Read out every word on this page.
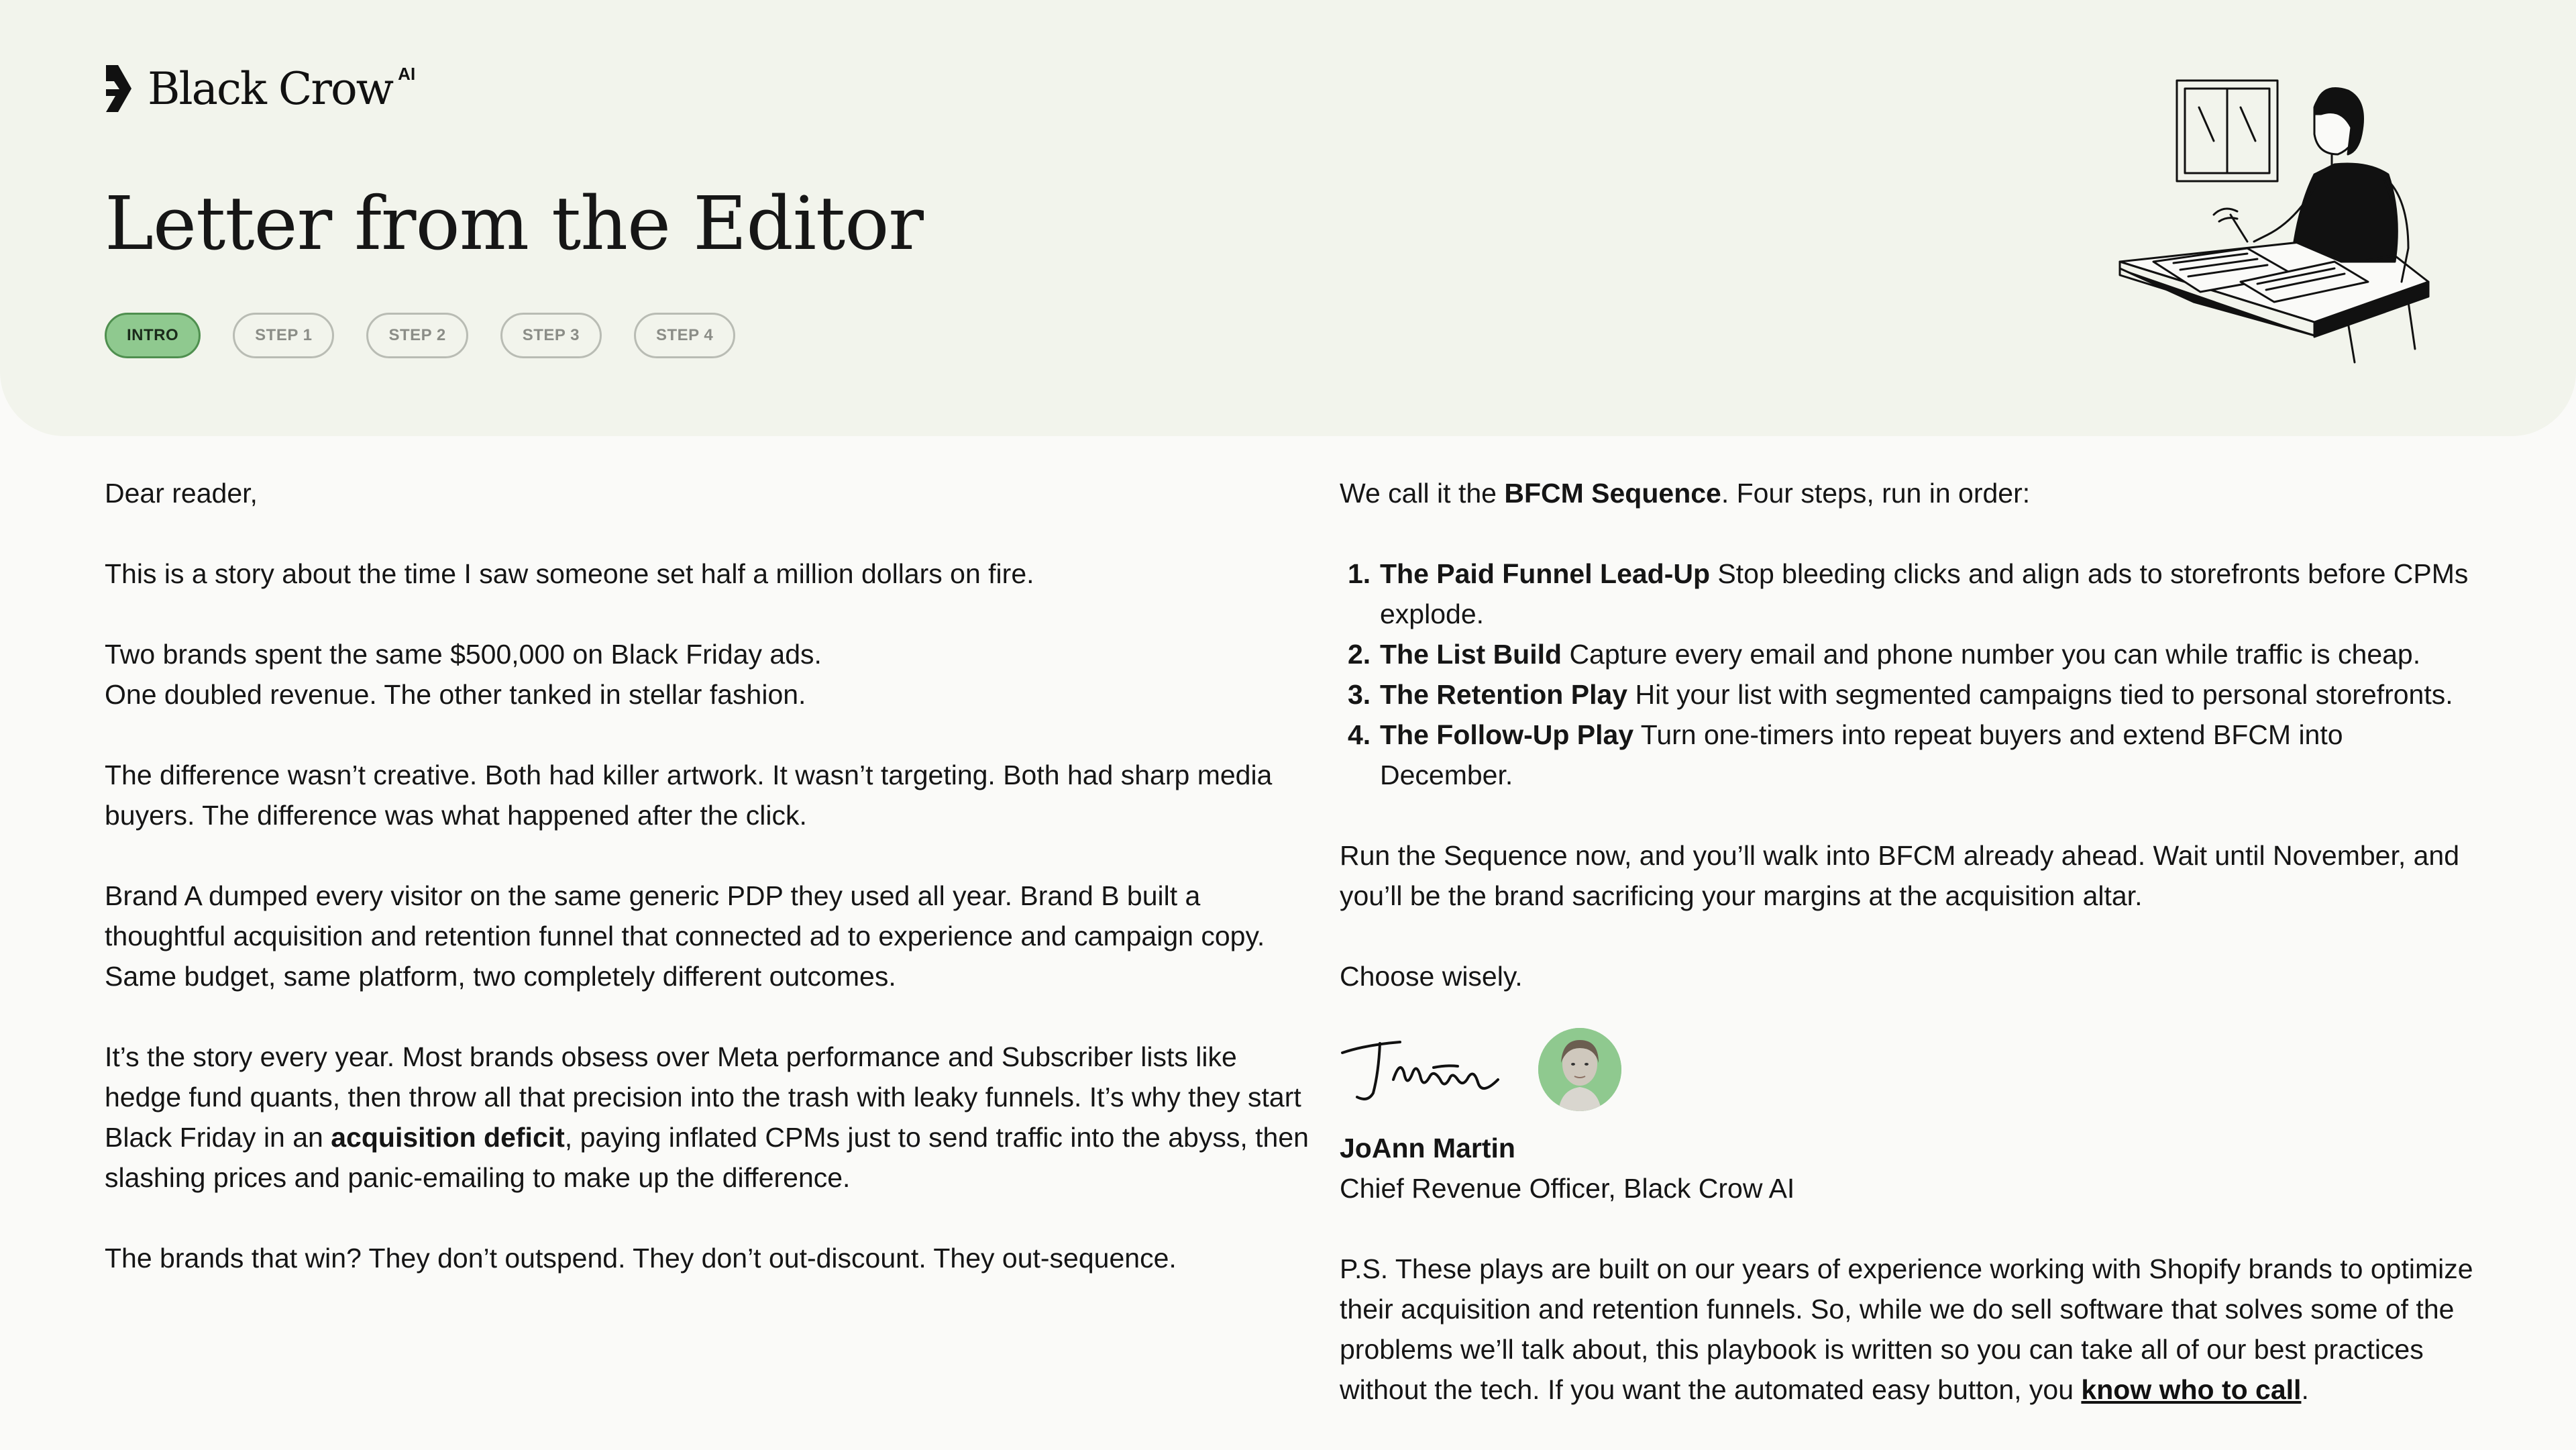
Black Crow AI
Letter from the Editor
INTRO	STEP 1	STEP 2	STEP 3	STEP 4

Dear reader,

This is a story about the time I saw someone set half a million dollars on fire.

Two brands spent the same $500,000 on Black Friday ads.

One doubled revenue. The other tanked in stellar fashion.

The difference wasn’t creative. Both had killer artwork. It wasn’t targeting. Both had sharp media buyers. The difference was what happened after the click.

Brand A dumped every visitor on the same generic PDP they used all year. Brand B built a thoughtful acquisition and retention funnel that connected ad to experience and campaign copy. Same budget, same platform, two completely different outcomes.

It’s the story every year. Most brands obsess over Meta performance and Subscriber lists like hedge fund quants, then throw all that precision into the trash with leaky funnels. It’s why they start Black Friday in an acquisition deficit, paying inflated CPMs just to send traffic into the abyss, then slashing prices and panic-emailing to make up the difference.

The brands that win? They don’t outspend. They don’t out-discount. They out-sequence.

We call it the BFCM Sequence. Four steps, run in order:

1. The Paid Funnel Lead-Up Stop bleeding clicks and align ads to storefronts before CPMs explode.
2. The List Build Capture every email and phone number you can while traffic is cheap.
3. The Retention Play Hit your list with segmented campaigns tied to personal storefronts.
4. The Follow-Up Play Turn one-timers into repeat buyers and extend BFCM into December.

Run the Sequence now, and you’ll walk into BFCM already ahead. Wait until November, and you’ll be the brand sacrificing your margins at the acquisition altar.

Choose wisely.

JoAnn Martin

Chief Revenue Officer, Black Crow AI

P.S. These plays are built on our years of experience working with Shopify brands to optimize their acquisition and retention funnels. So, while we do sell software that solves some of the problems we’ll talk about, this playbook is written so you can take all of our best practices without the tech. If you want the automated easy button, you know who to call.
